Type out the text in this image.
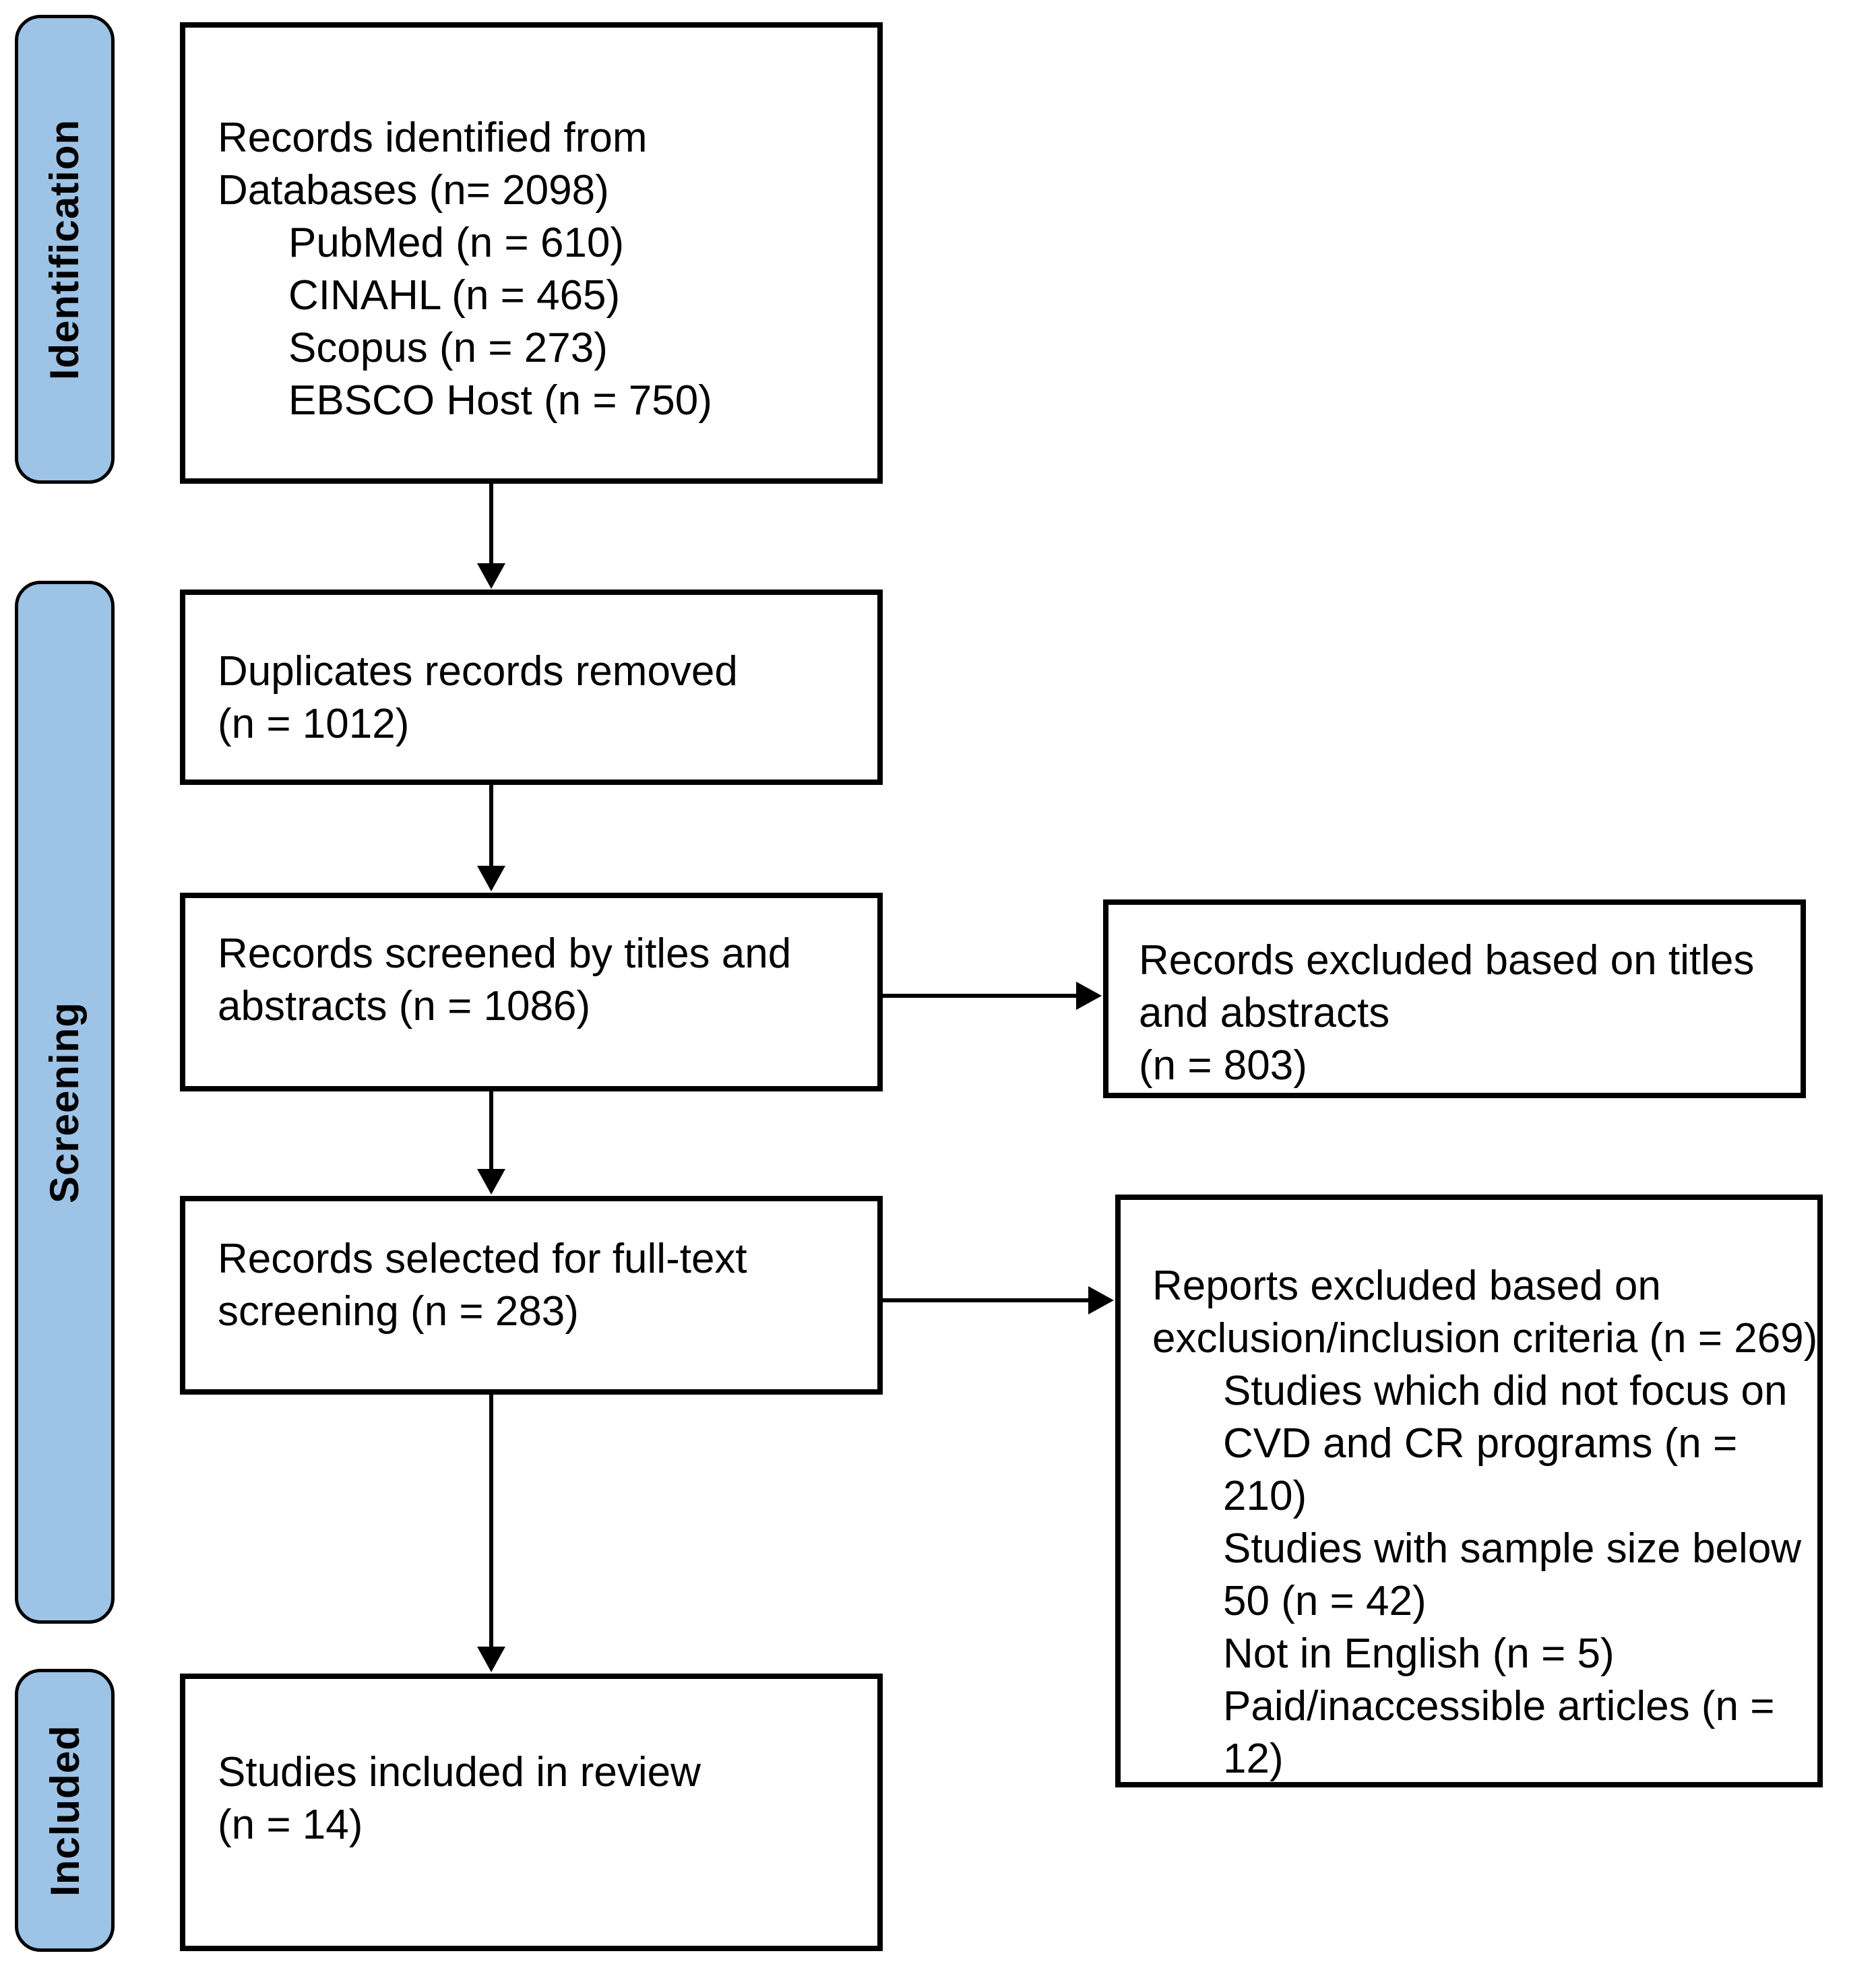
Identification
Screening
Included
Records identified from
Databases (n= 2098)
PubMed (n = 610)
CINAHL (n = 465)
Scopus (n = 273)
EBSCO Host (n = 750)
Duplicates records removed
(n = 1012)
Records screened by titles and
abstracts (n = 1086)
Records selected for full-text
screening (n = 283)
Studies included in review
(n = 14)
Records excluded based on titles
and abstracts
(n = 803)
Reports excluded based on
exclusion/inclusion criteria (n = 269)
Studies which did not focus on
CVD and CR programs (n =
210)
Studies with sample size below
50 (n = 42)
Not in English (n = 5)
Paid/inaccessible articles (n =
12)
